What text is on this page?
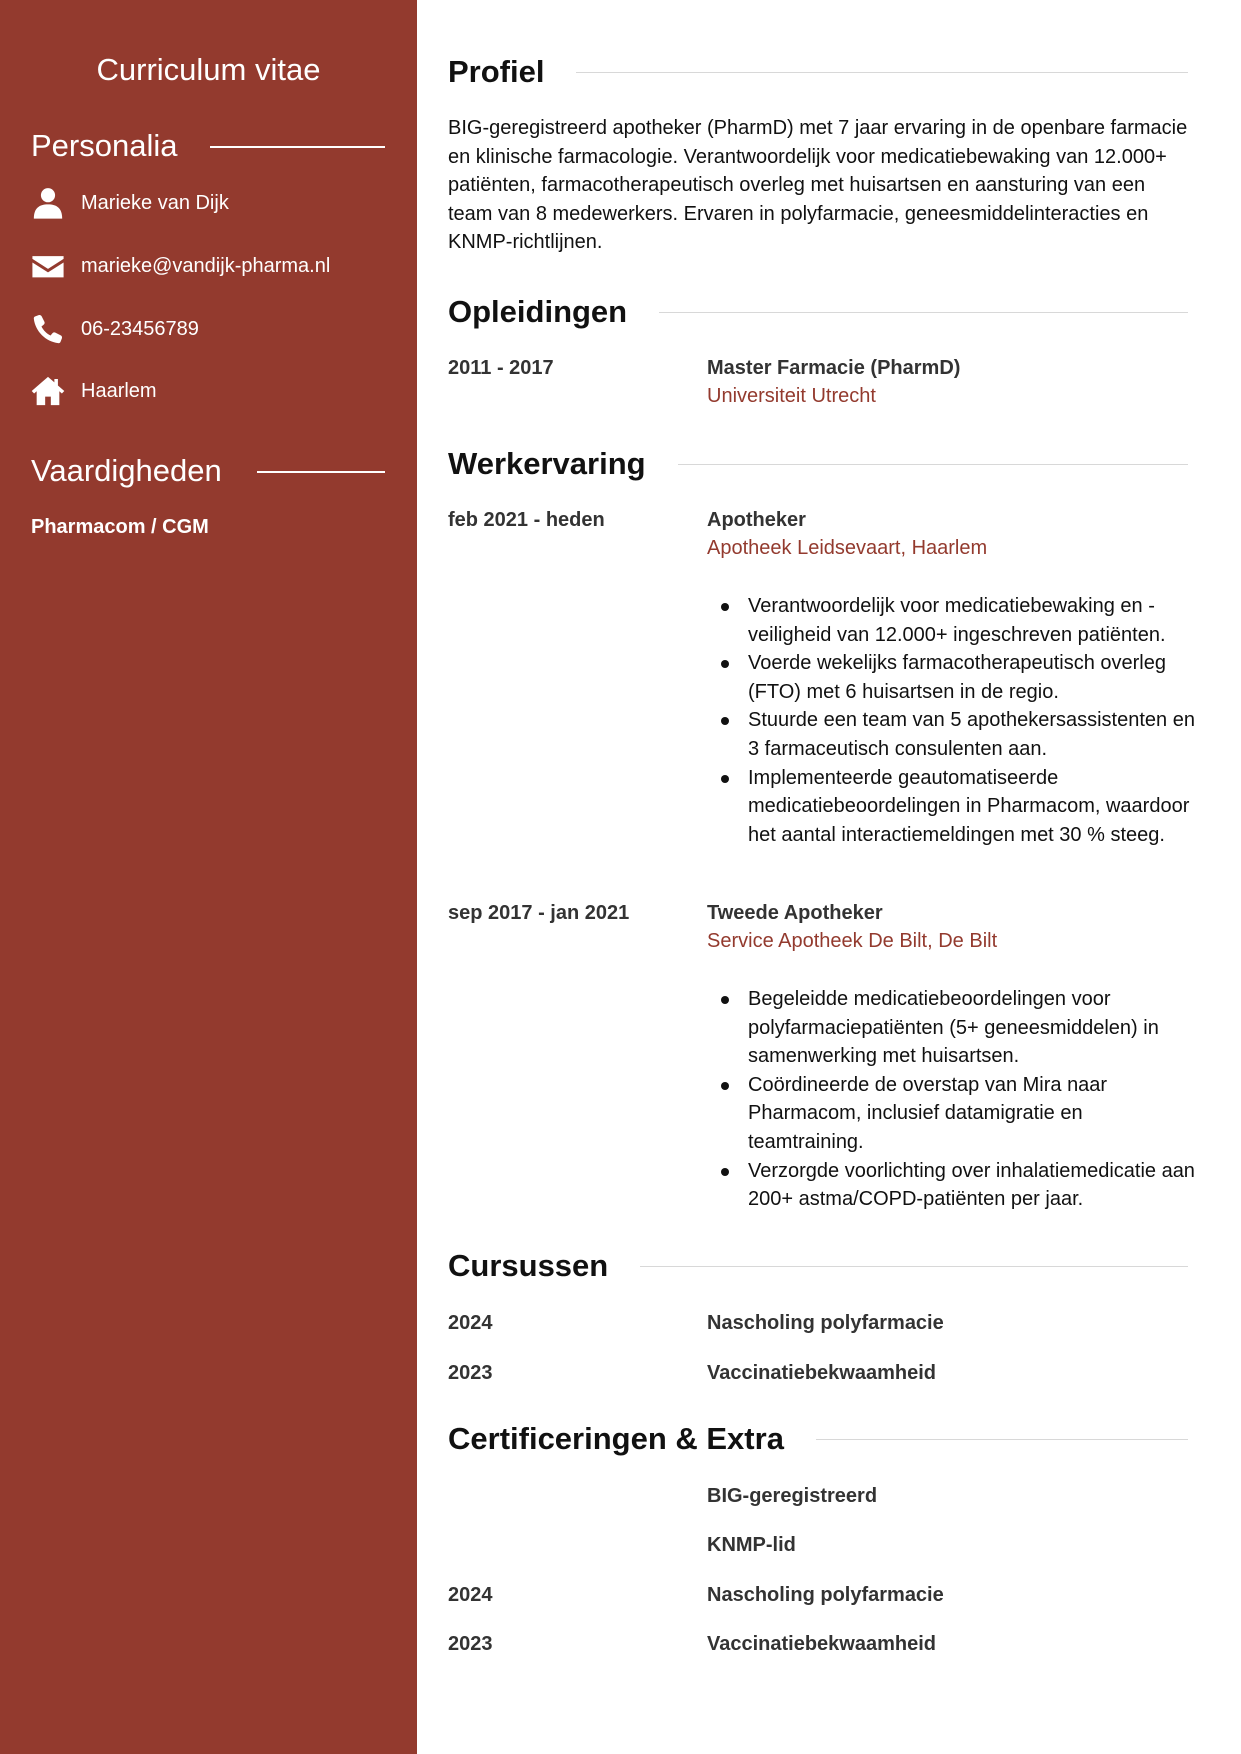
Curriculum vitae
Personalia
Marieke van Dijk
marieke@vandijk-pharma.nl
06-23456789
Haarlem
Vaardigheden
Pharmacom / CGM
Profiel

BIG-geregistreerd apotheker (PharmD) met 7 jaar ervaring in de openbare farmacie en klinische farmacologie. Verantwoordelijk voor medicatiebewaking van 12.000+ patiënten, farmacotherapeutisch overleg met huisartsen en aansturing van een team van 8 medewerkers. Ervaren in polyfarmacie, geneesmiddelinteracties en KNMP-richtlijnen.

Opleidingen
2011 - 2017	Master Farmacie (PharmD)
Universiteit Utrecht
Werkervaring
feb 2021 - heden	Apotheker
Apotheek Leidsevaart, Haarlem
Verantwoordelijk voor medicatiebewaking en -veiligheid van 12.000+ ingeschreven patiënten.
Voerde wekelijks farmacotherapeutisch overleg (FTO) met 6 huisartsen in de regio.
Stuurde een team van 5 apothekersassistenten en 3 farmaceutisch consulenten aan.
Implementeerde geautomatiseerde medicatiebeoordelingen in Pharmacom, waardoor het aantal interactiemeldingen met 30 % steeg.
sep 2017 - jan 2021	Tweede Apotheker
Service Apotheek De Bilt, De Bilt
Begeleidde medicatiebeoordelingen voor polyfarmaciepatiënten (5+ geneesmiddelen) in samenwerking met huisartsen.
Coördineerde de overstap van Mira naar Pharmacom, inclusief datamigratie en teamtraining.
Verzorgde voorlichting over inhalatiemedicatie aan 200+ astma/COPD-patiënten per jaar.
Cursussen
2024	Nascholing polyfarmacie
2023	Vaccinatiebekwaamheid
Certificeringen & Extra
BIG-geregistreerd
KNMP-lid
2024	Nascholing polyfarmacie
2023	Vaccinatiebekwaamheid
